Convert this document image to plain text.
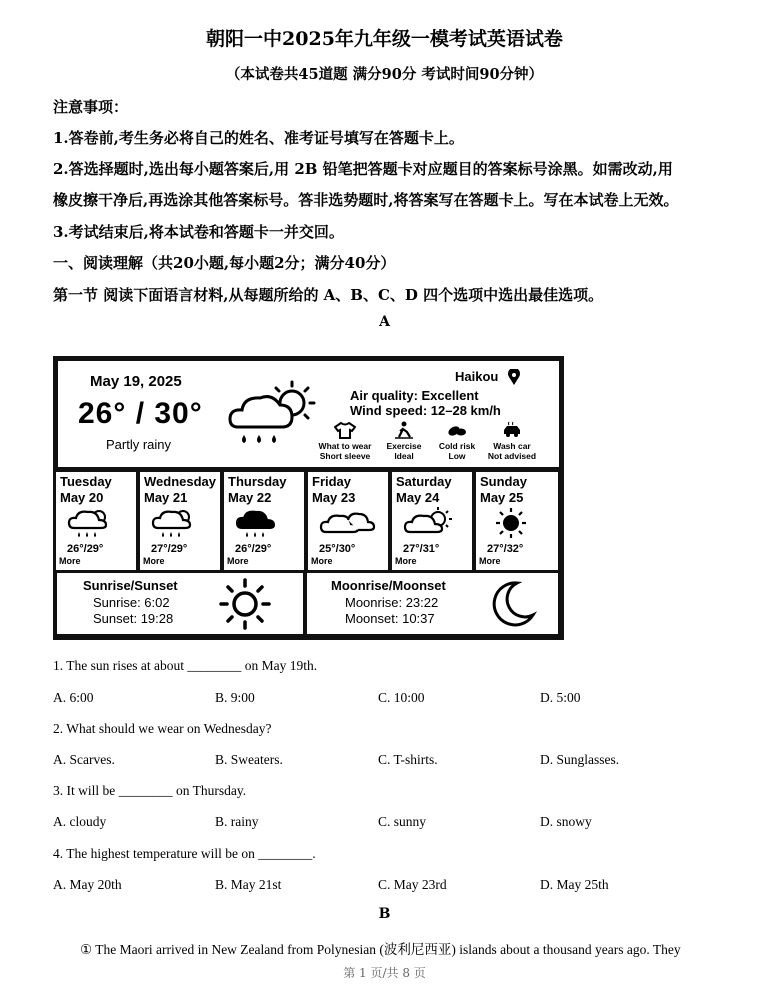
朝阳一中2025年九年级一模考试英语试卷
（本试卷共45道题 满分90分 考试时间90分钟）
注意事项：
1.答卷前,考生务必将自己的姓名、准考证号填写在答题卡上。
2.答选择题时,选出每小题答案后,用 2B 铅笔把答题卡对应题目的答案标号涂黑。如需改动,用
橡皮擦干净后,再选涂其他答案标号。答非选势题时,将答案写在答题卡上。写在本试卷上无效。
3.考试结束后,将本试卷和答题卡一并交回。
一、阅读理解（共20小题,每小题2分；满分40分）
第一节 阅读下面语言材料,从每题所给的 A、B、C、D 四个选项中选出最佳选项。
A
May 19, 2025
26° / 30°
Partly rainy
Haikou
Air quality: Excellent
Wind speed: 12–28 km/h
What to wear
Short sleeve
Exercise
Ideal
Cold risk
Low
Wash car
Not advised
Tuesday
May 20
26°/29°
More
Wednesday
May 21
27°/29°
More
Thursday
May 22
26°/29°
More
Friday
May 23
25°/30°
More
Saturday
May 24
27°/31°
More
Sunday
May 25
27°/32°
More
Sunrise/Sunset
Sunrise: 6:02
Sunset: 19:28
Moonrise/Moonset
Moonrise: 23:22
Moonset: 10:37
1. The sun rises at about ________ on May 19th.
A. 6:00	B. 9:00	C. 10:00	D. 5:00
2. What should we wear on Wednesday?
A. Scarves.	B. Sweaters.	C. T-shirts.	D. Sunglasses.
3. It will be ________ on Thursday.
A. cloudy	B. rainy	C. sunny	D. snowy
4. The highest temperature will be on ________.
A. May 20th	B. May 21st	C. May 23rd	D. May 25th
B
① The Maori arrived in New Zealand from Polynesian (波利尼西亚) islands about a thousand years ago. They
第 1 页/共 8 页
